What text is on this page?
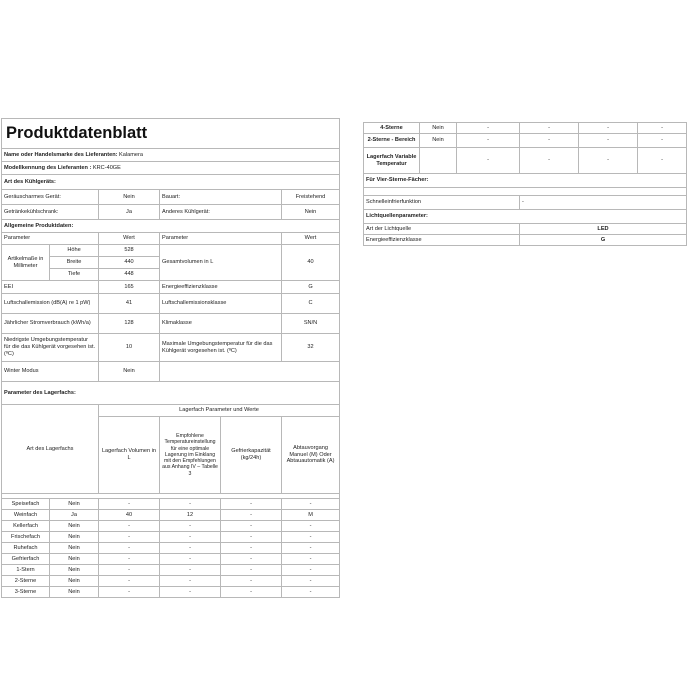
Produktdatenblatt					
Name oder Handelsmarke des Lieferanten: Kalamera					
Modellkennung des Lieferanten : KRC-40GE					
Art des Kühlgeräts:					
Geräuscharmes Gerät:		Nein	Bauart:		Freistehend
Getränkekühlschrank:		Ja	Anderes Kühlgerät:		Nein
Allgemeine Produktdaten:					
Parameter		Wert	Parameter		Wert
Artikelmaße in Millimeter	Höhe	528	Gesamtvolumen in L		40
	Breite	440			
	Tiefe	448			
EEI		165	Energieeffizienzklasse		G
Luftschallemission (dB(A) re 1 pW)		41	Luftschallemissionsklasse		C
Jährlicher Stromverbrauch (kWh/a)		128	Klimaklasse		SN/N
Niedrigste Umgebungstemperatur für die das Kühlgerät vorgesehen ist. (ºC)		10	Maximale Umgebungstemperatur für die das Kühlgerät vorgesehen ist. (ºC)		32
Winter Modus		Nein			
Parameter des Lagerfachs:					
Art des Lagerfachs		Lagerfach Parameter und Werte			
		Lagerfach Volumen in L	Empfohlene Temperatureinstellung für eine optimale Lagerung im Einklang mit den Empfehlungen aus Anhang IV – Tabelle 3	Gefrierkapazität (kg/24h)	Abtauvorgang Manuel (M) Oder Abtauautomatik (A)

Speisefach	Nein	-	-	-	-
Weinfach	Ja	40	12	-	M
Kellerfach	Nein	-	-	-	-
Frischefach	Nein	-	-	-	-
Ruhefach	Nein	-	-	-	-
Gefrierfach	Nein	-	-	-	-
1-Stern	Nein	-	-	-	-
2-Sterne	Nein	-	-	-	-
3-Sterne	Nein	-	-	-	-
4-Sterne	Nein	-	-	-	-
2-Sterne - Bereich	Nein	-	-	-	-
Lagerfach Variable Temperatur		-	-	-	-
Für Vier-Sterne-Fächer:					

Schnelleinfrierfunktion			-		
Lichtquellenparameter:					
Art der Lichtquelle			LED		
Energieeffizienzklasse			G		
